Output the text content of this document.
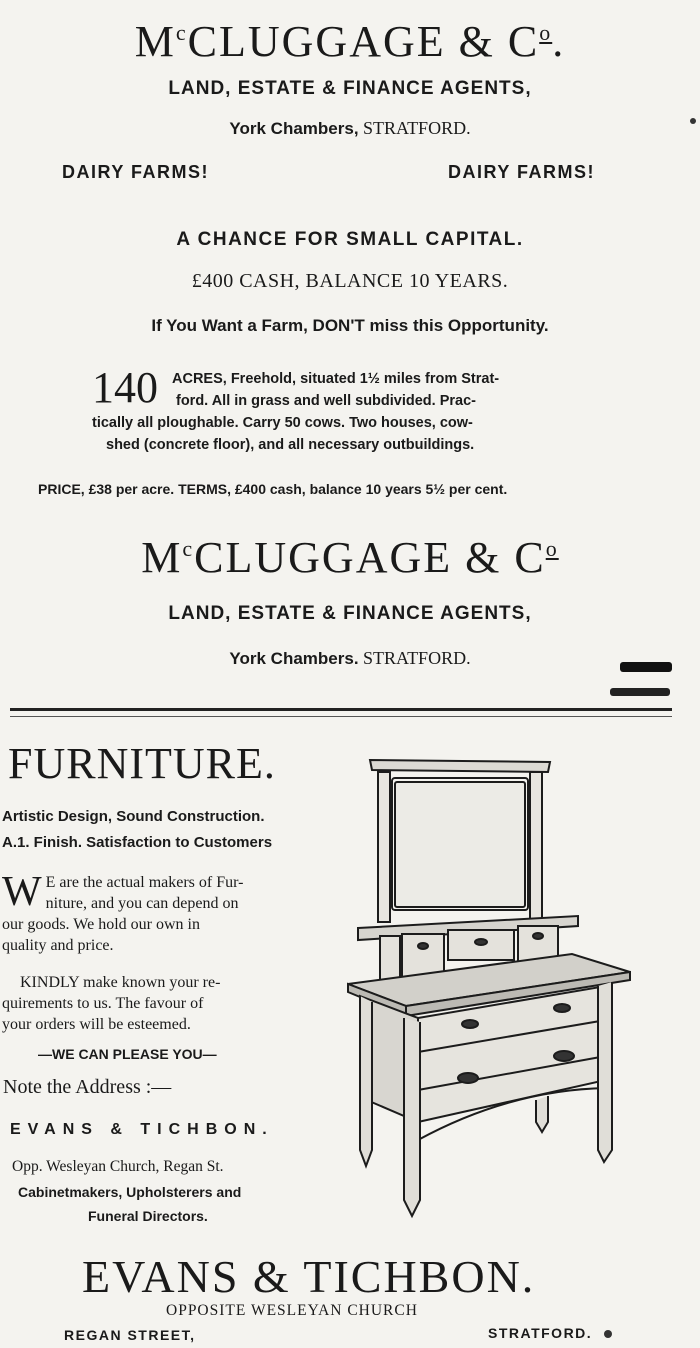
$M^cCLUGGAGE$ & $C^o$.
LAND, ESTATE & FINANCE AGENTS,
York Chambers, STRATFORD.
DAIRY FARMS!	DAIRY FARMS!
A CHANCE FOR SMALL CAPITAL.
£400 CASH, BALANCE 10 YEARS.
If You Want a Farm, DON'T miss this Opportunity.
140 ACRES, Freehold, situated 1½ miles from Strat-
ford. All in grass and well subdivided. Prac-
tically all ploughable. Carry 50 cows. Two houses, cow-
shed (concrete floor), and all necessary outbuildings.
PRICE, £38 per acre. TERMS, £400 cash, balance 10 years 5½ per cent.
$M^cCLUGGAGE$ & $C^o$
LAND, ESTATE & FINANCE AGENTS,
York Chambers. STRATFORD.
FURNITURE.
Artistic Design, Sound Construction.
A.1. Finish. Satisfaction to Customers
W E are the actual makers of Fur-
niture, and you can depend on
our goods. We hold our own in
quality and price.
KINDLY make known your re-
quirements to us. The favour of
your orders will be esteemed.
—WE CAN PLEASE YOU—
Note the Address :—
EVANS & TICHBON.
Opp. Wesleyan Church, Regan St.
Cabinetmakers, Upholsterers and
Funeral Directors.
EVANS & TICHBON.
OPPOSITE WESLEYAN CHURCH
REGAN STREET,	STRATFORD.
